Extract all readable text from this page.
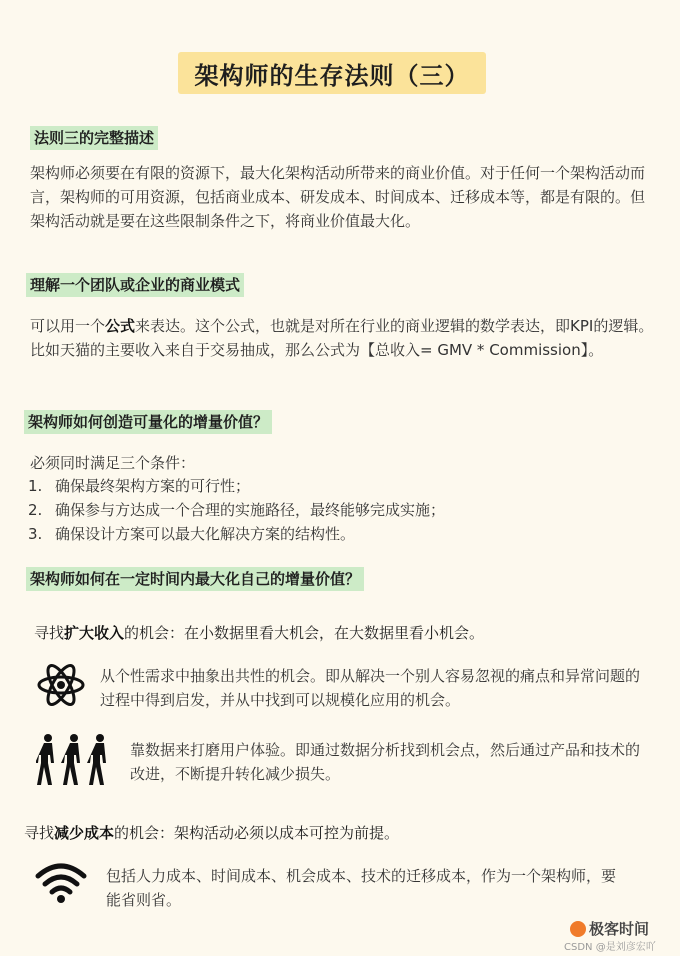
架构师的生存法则（三）
法则三的完整描述
架构师必须要在有限的资源下，最大化架构活动所带来的商业价值。对于任何一个架构活动而言，架构师的可用资源，包括商业成本、研发成本、时间成本、迁移成本等，都是有限的。但架构活动就是要在这些限制条件之下，将商业价值最大化。
理解一个团队或企业的商业模式
可以用一个公式来表达。这个公式，也就是对所在行业的商业逻辑的数学表达，即KPI的逻辑。比如天猫的主要收入来自于交易抽成，那么公式为【总收入= GMV * Commission】。
架构师如何创造可量化的增量价值？
必须同时满足三个条件：
1. 确保最终架构方案的可行性；
2. 确保参与方达成一个合理的实施路径，最终能够完成实施；
3. 确保设计方案可以最大化解决方案的结构性。
架构师如何在一定时间内最大化自己的增量价值？
寻找扩大收入的机会：在小数据里看大机会，在大数据里看小机会。
从个性需求中抽象出共性的机会。即从解决一个别人容易忽视的痛点和异常问题的过程中得到启发，并从中找到可以规模化应用的机会。
靠数据来打磨用户体验。即通过数据分析找到机会点，然后通过产品和技术的改进，不断提升转化减少损失。
寻找减少成本的机会：架构活动必须以成本可控为前提。
包括人力成本、时间成本、机会成本、技术的迁移成本，作为一个架构师，要能省则省。
极客时间
CSDN @是刘彦宏吖
